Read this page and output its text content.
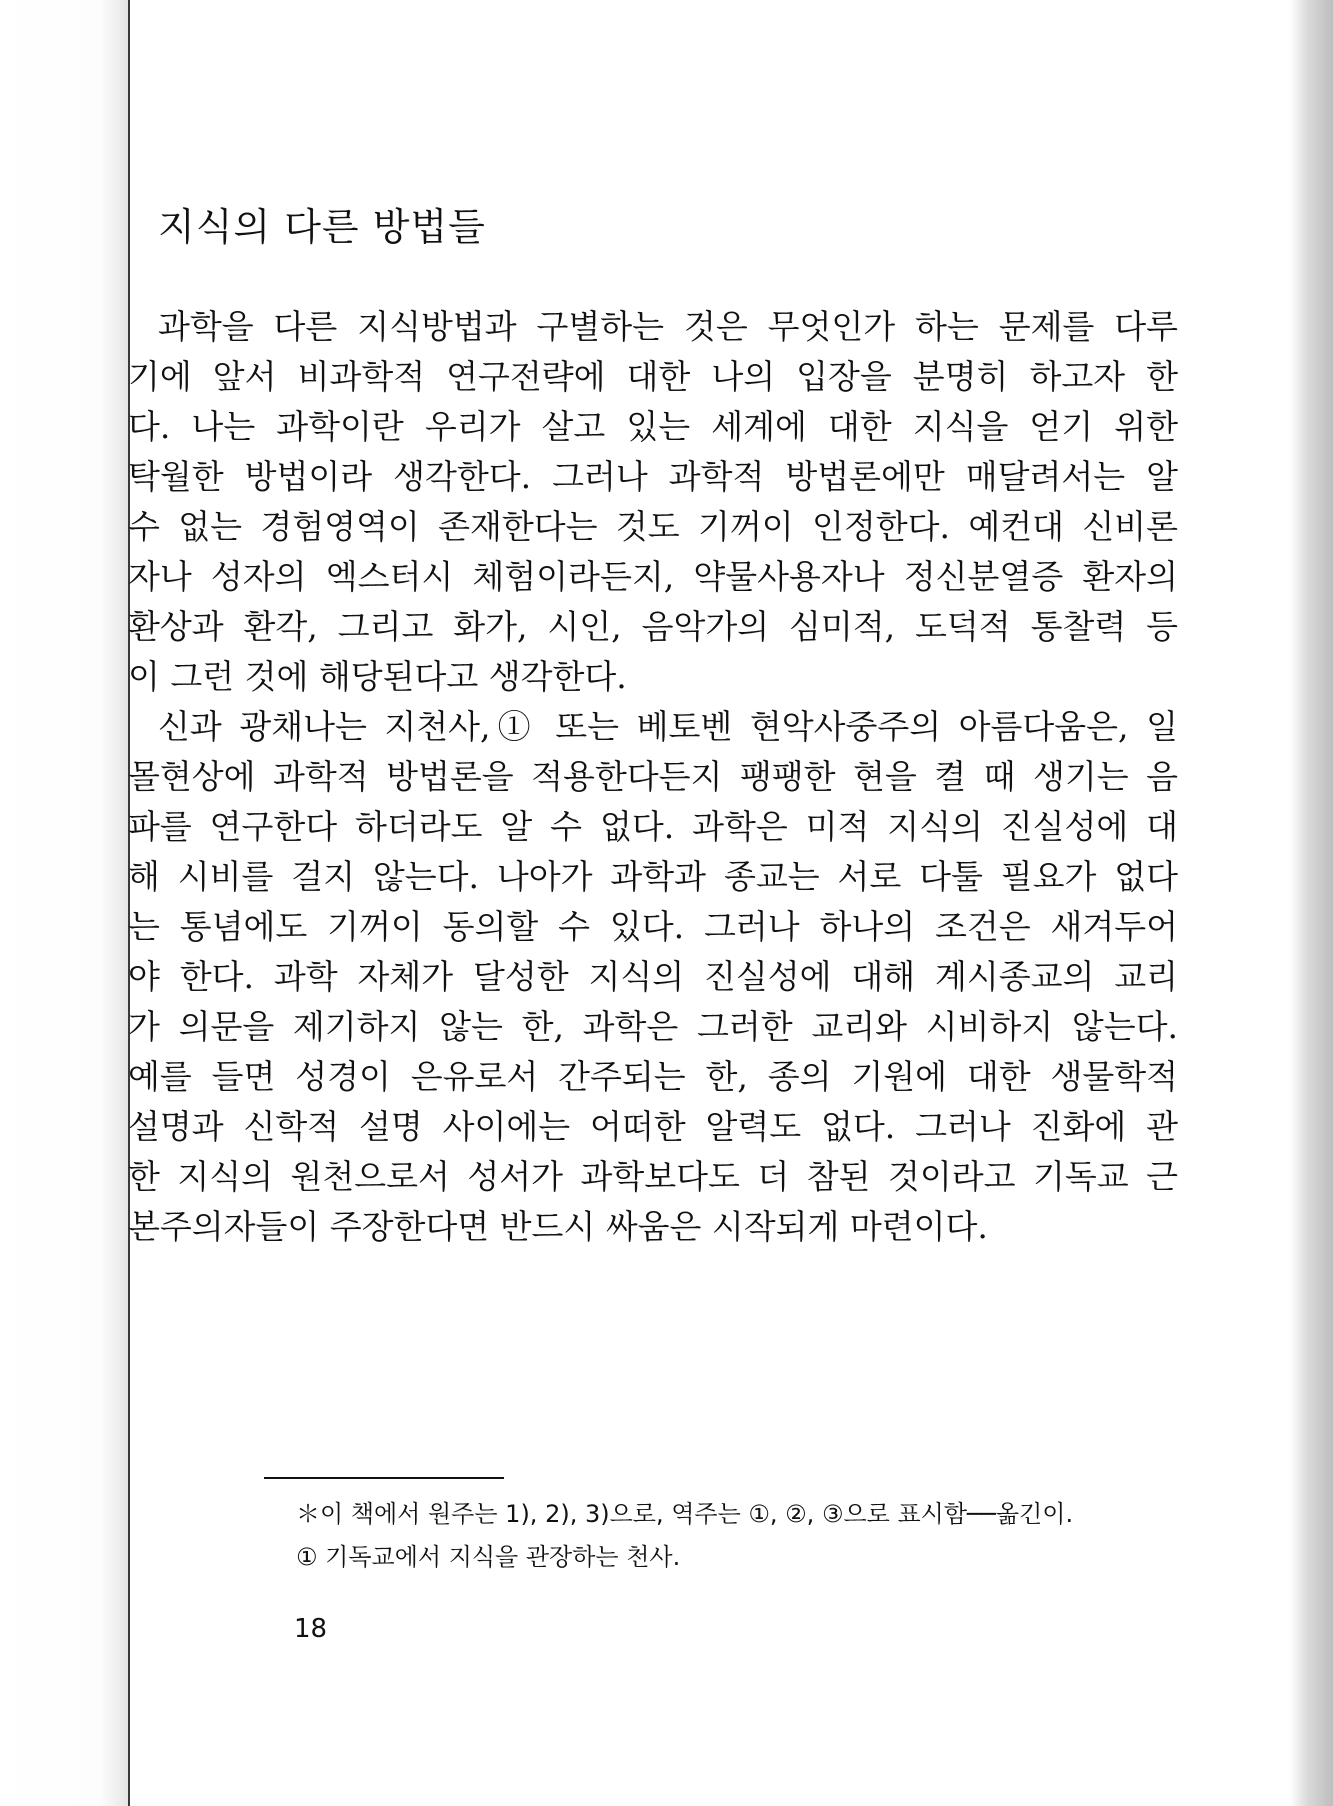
지식의 다른 방법들
과학을 다른 지식방법과 구별하는 것은 무엇인가 하는 문제를 다루
기에 앞서 비과학적 연구전략에 대한 나의 입장을 분명히 하고자 한
다. 나는 과학이란 우리가 살고 있는 세계에 대한 지식을 얻기 위한
탁월한 방법이라 생각한다. 그러나 과학적 방법론에만 매달려서는 알
수 없는 경험영역이 존재한다는 것도 기꺼이 인정한다. 예컨대 신비론
자나 성자의 엑스터시 체험이라든지, 약물사용자나 정신분열증 환자의
환상과 환각, 그리고 화가, 시인, 음악가의 심미적, 도덕적 통찰력 등
이 그런 것에 해당된다고 생각한다.
신과 광채나는 지천사,① 또는 베토벤 현악사중주의 아름다움은, 일
몰현상에 과학적 방법론을 적용한다든지 팽팽한 현을 켤 때 생기는 음
파를 연구한다 하더라도 알 수 없다. 과학은 미적 지식의 진실성에 대
해 시비를 걸지 않는다. 나아가 과학과 종교는 서로 다툴 필요가 없다
는 통념에도 기꺼이 동의할 수 있다. 그러나 하나의 조건은 새겨두어
야 한다. 과학 자체가 달성한 지식의 진실성에 대해 계시종교의 교리
가 의문을 제기하지 않는 한, 과학은 그러한 교리와 시비하지 않는다.
예를 들면 성경이 은유로서 간주되는 한, 종의 기원에 대한 생물학적
설명과 신학적 설명 사이에는 어떠한 알력도 없다. 그러나 진화에 관
한 지식의 원천으로서 성서가 과학보다도 더 참된 것이라고 기독교 근
본주의자들이 주장한다면 반드시 싸움은 시작되게 마련이다.
＊이 책에서 원주는 1), 2), 3)으로, 역주는 ①, ②, ③으로 표시함──옮긴이.
① 기독교에서 지식을 관장하는 천사.
18
